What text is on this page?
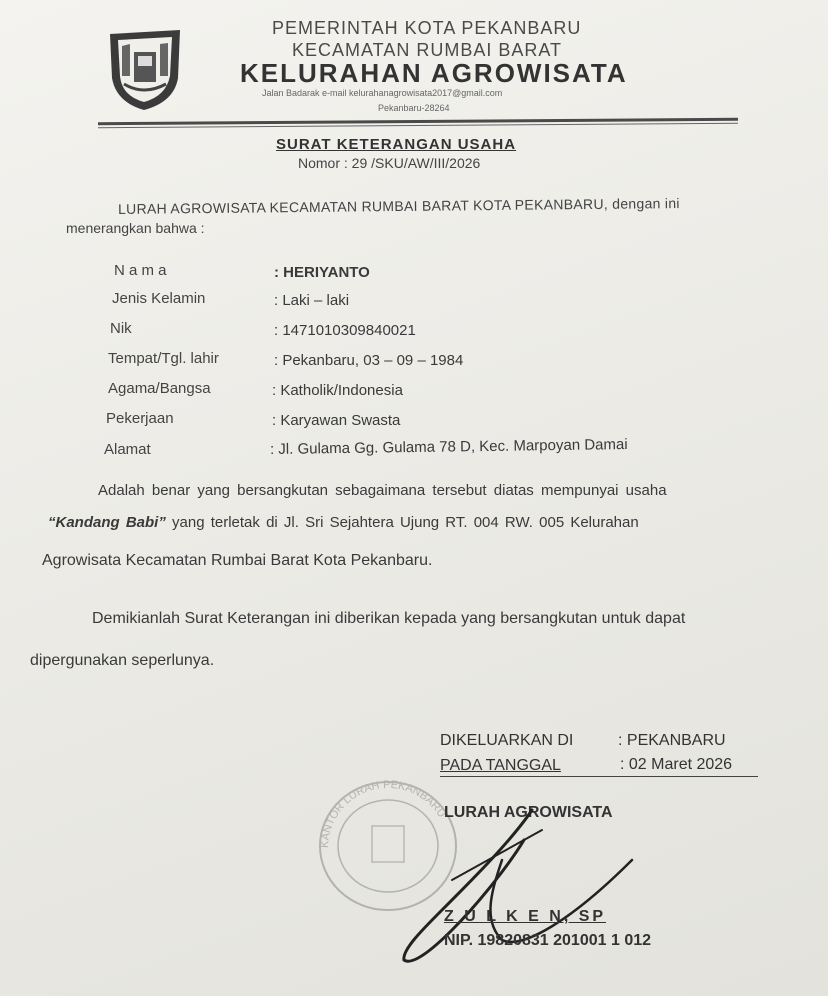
PEMERINTAH KOTA PEKANBARU
KECAMATAN RUMBAI BARAT
KELURAHAN AGROWISATA
Jalan Badarak e-mail kelurahanagrowisata2017@gmail.com
Pekanbaru-28264
SURAT KETERANGAN USAHA
Nomor : 29 /SKU/AW/III/2026
LURAH AGROWISATA KECAMATAN RUMBAI BARAT KOTA PEKANBARU, dengan ini
menerangkan bahwa :
N a m a	: HERIYANTO
Jenis Kelamin	: Laki – laki
Nik	: 1471010309840021
Tempat/Tgl. lahir	: Pekanbaru, 03 – 09 – 1984
Agama/Bangsa	: Katholik/Indonesia
Pekerjaan	: Karyawan Swasta
Alamat	: Jl. Gulama Gg. Gulama 78 D, Kec. Marpoyan Damai
Adalah benar yang bersangkutan sebagaimana tersebut diatas mempunyai usaha
“Kandang Babi” yang terletak di Jl. Sri Sejahtera Ujung RT. 004 RW. 005 Kelurahan
Agrowisata Kecamatan Rumbai Barat Kota Pekanbaru.
Demikianlah Surat Keterangan ini diberikan kepada yang bersangkutan untuk dapat
dipergunakan seperlunya.
KANTOR LURAH PEKANBARU
DIKELUARKAN DI	: PEKANBARU
PADA TANGGAL	: 02 Maret 2026
LURAH AGROWISATA
Z U L K E N, SP
NIP. 19820831 201001 1 012
